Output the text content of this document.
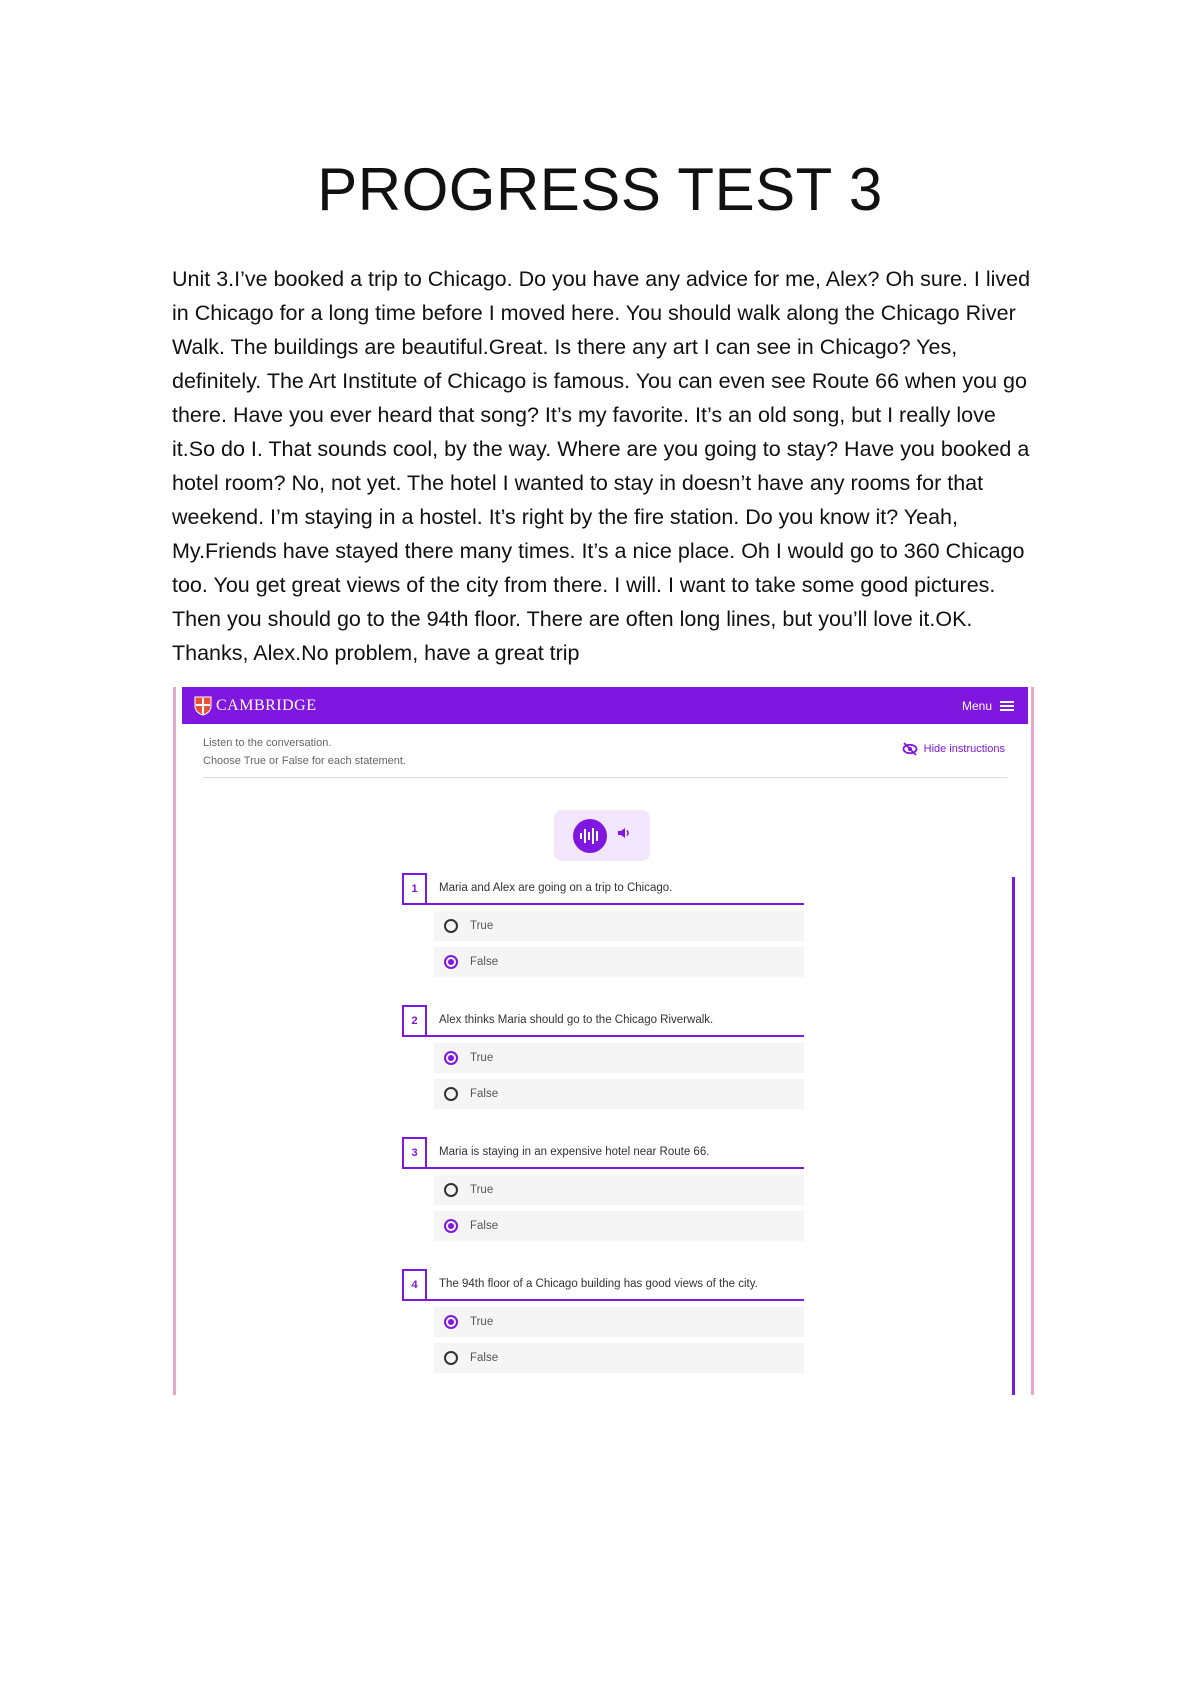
PROGRESS TEST 3
Unit 3.I’ve booked a trip to Chicago. Do you have any advice for me, Alex? Oh sure. I lived in Chicago for a long time before I moved here. You should walk along the Chicago River Walk. The buildings are beautiful.Great. Is there any art I can see in Chicago? Yes, definitely. The Art Institute of Chicago is famous. You can even see Route 66 when you go there. Have you ever heard that song? It’s my favorite. It’s an old song, but I really love it.So do I. That sounds cool, by the way. Where are you going to stay? Have you booked a hotel room? No, not yet. The hotel I wanted to stay in doesn’t have any rooms for that weekend. I’m staying in a hostel. It’s right by the fire station. Do you know it? Yeah, My.Friends have stayed there many times. It’s a nice place. Oh I would go to 360 Chicago too. You get great views of the city from there. I will. I want to take some good pictures. Then you should go to the 94th floor. There are often long lines, but you’ll love it.OK. Thanks, Alex.No problem, have a great trip
CAMBRIDGE	Menu
Listen to the conversation.
Choose True or False for each statement.
Hide instructions
1	Maria and Alex are going on a trip to Chicago.
True
False
2	Alex thinks Maria should go to the Chicago Riverwalk.
True
False
3	Maria is staying in an expensive hotel near Route 66.
True
False
4	The 94th floor of a Chicago building has good views of the city.
True
False
